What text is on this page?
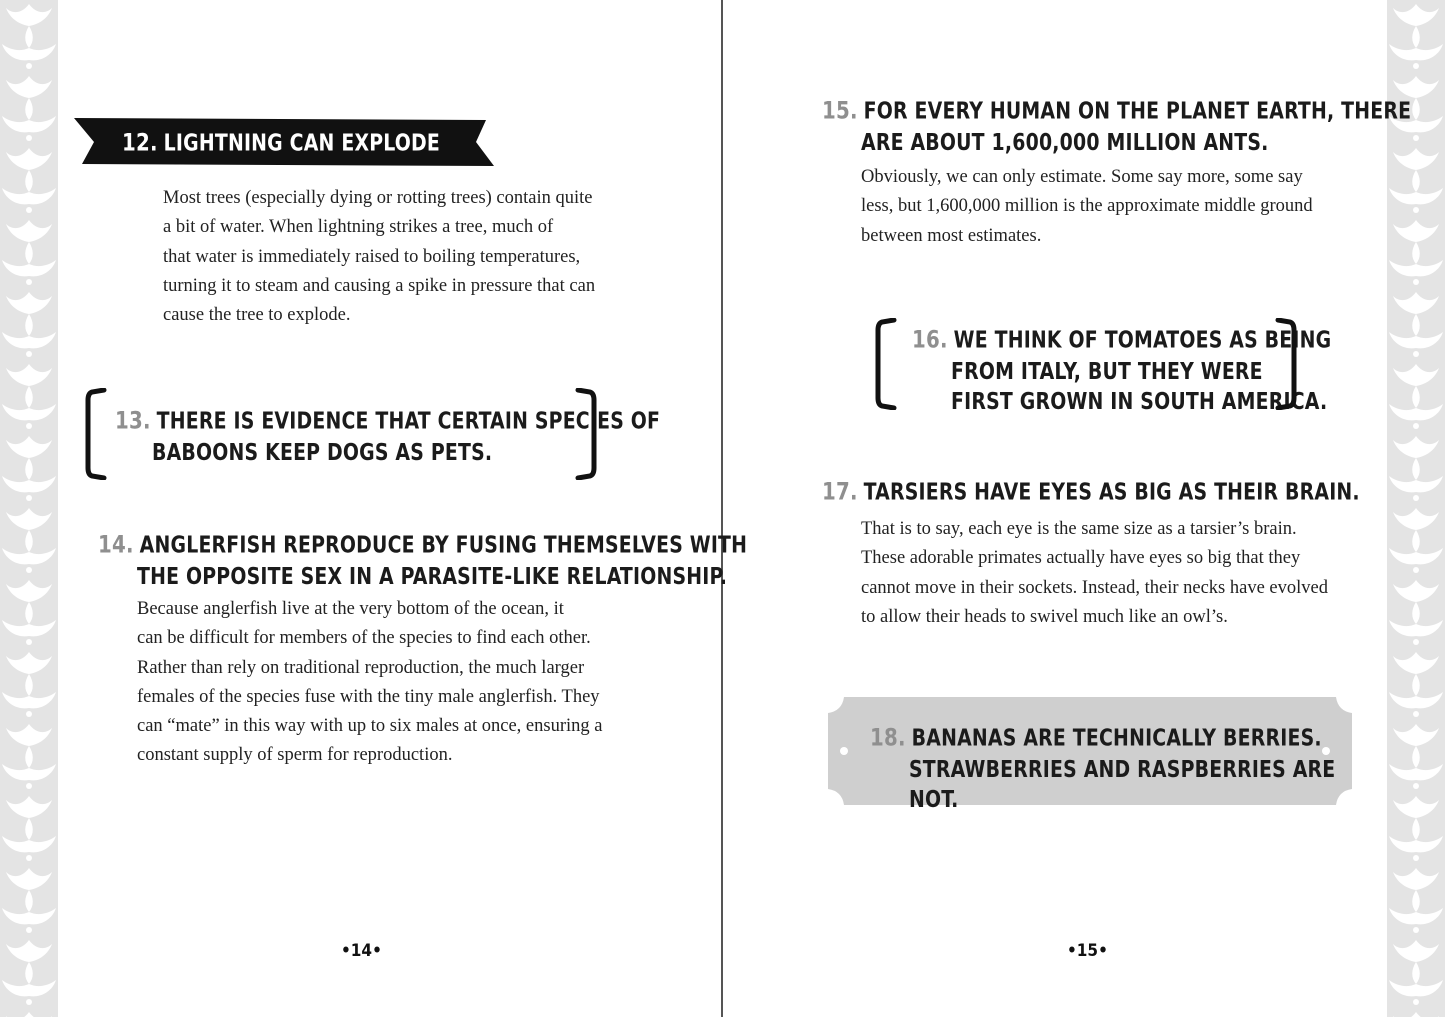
12. LIGHTNING CAN EXPLODE TREES.
Most trees (especially dying or rotting trees) contain quite
a bit of water. When lightning strikes a tree, much of
that water is immediately raised to boiling temperatures,
turning it to steam and causing a spike in pressure that can
cause the tree to explode.
13. THERE IS EVIDENCE THAT CERTAIN SPECIES OF
BABOONS KEEP DOGS AS PETS.
14. ANGLERFISH REPRODUCE BY FUSING THEMSELVES WITH
THE OPPOSITE SEX IN A PARASITE-LIKE RELATIONSHIP.
Because anglerfish live at the very bottom of the ocean, it
can be difficult for members of the species to find each other.
Rather than rely on traditional reproduction, the much larger
females of the species fuse with the tiny male anglerfish. They
can “mate” in this way with up to six males at once, ensuring a
constant supply of sperm for reproduction.
•14•
15. FOR EVERY HUMAN ON THE PLANET EARTH, THERE
ARE ABOUT 1,600,000 MILLION ANTS.
Obviously, we can only estimate. Some say more, some say
less, but 1,600,000 million is the approximate middle ground
between most estimates.
16. WE THINK OF TOMATOES AS BEING
FROM ITALY, BUT THEY WERE
FIRST GROWN IN SOUTH AMERICA.
17. TARSIERS HAVE EYES AS BIG AS THEIR BRAIN.
That is to say, each eye is the same size as a tarsier’s brain.
These adorable primates actually have eyes so big that they
cannot move in their sockets. Instead, their necks have evolved
to allow their heads to swivel much like an owl’s.
18. BANANAS ARE TECHNICALLY BERRIES.
STRAWBERRIES AND RASPBERRIES ARE NOT.
•15•
